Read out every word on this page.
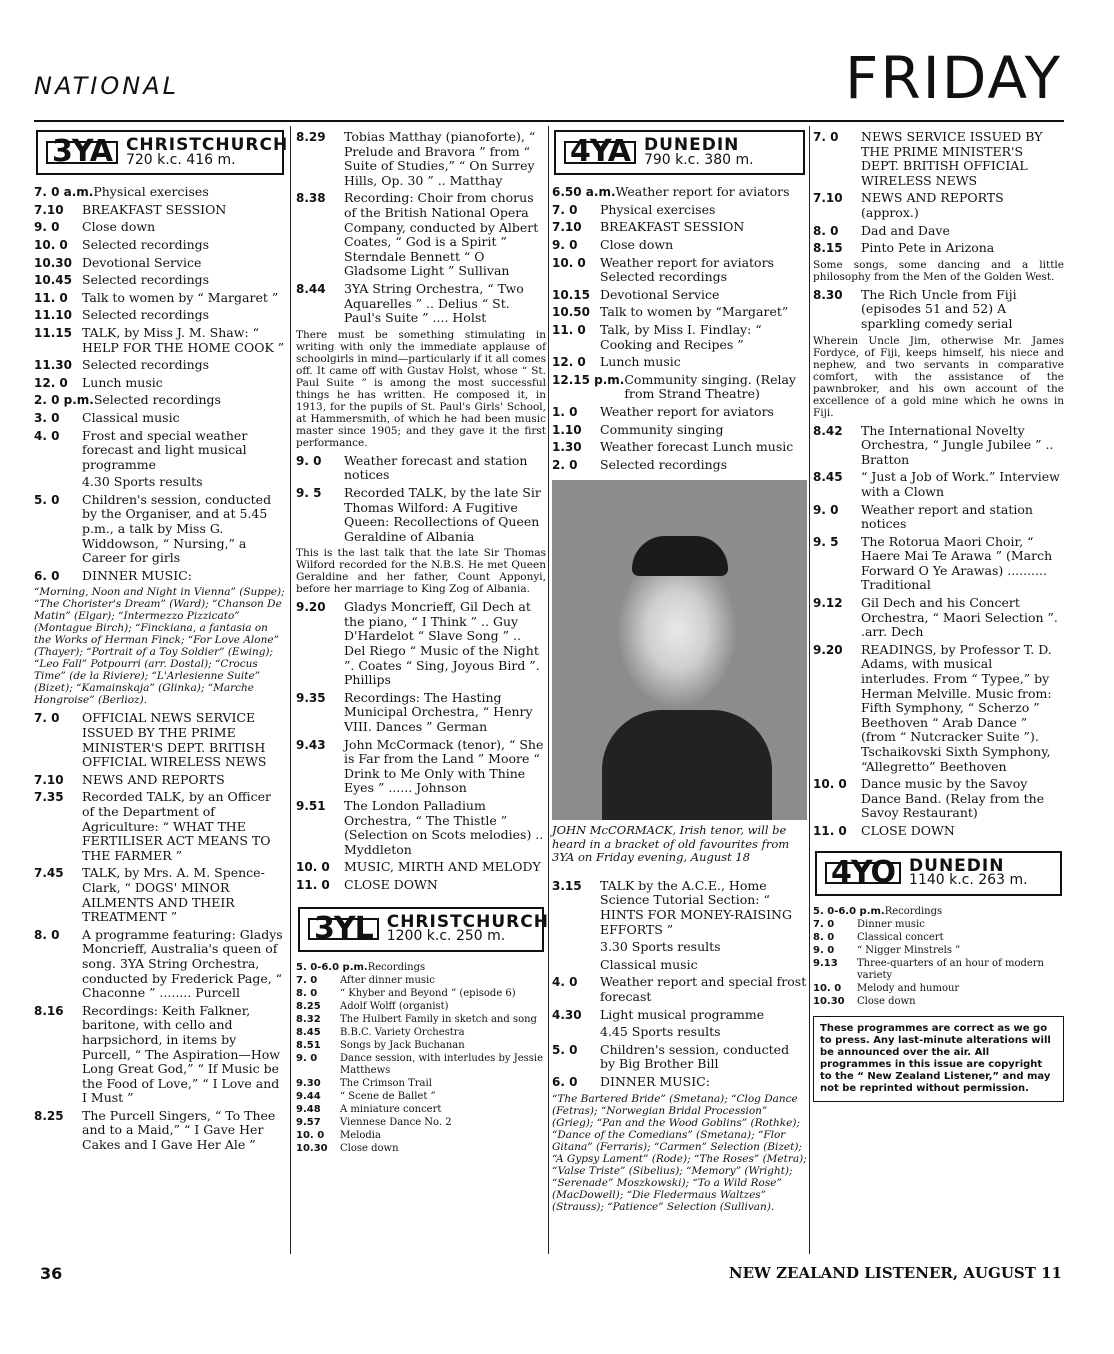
NATIONAL	FRIDAY
3YA CHRISTCHURCH
720 k.c. 416 m.
7. 0 a.m. Physical exercises
7.10	BREAKFAST SESSION
9. 0	Close down
10. 0	Selected recordings
10.30 Devotional Service
10.45 Selected recordings
11. 0	Talk to women by “ Margaret ”
11.10 Selected recordings
11.15 TALK, by Miss J. M. Shaw: “ HELP FOR THE HOME COOK ”
11.30 Selected recordings
12. 0	Lunch music
2. 0 p.m. Selected recordings
3. 0	Classical music
4. 0	Frost and special weather forecast and light musical programme
4.30 Sports results
5. 0	Children's session, conducted by the Organiser, and at 5.45 p.m., a talk by Miss G. Widdowson, “ Nursing,” a Career for girls
6. 0	DINNER MUSIC:
“Morning, Noon and Night in Vienna” (Suppe); “The Chorister's Dream” (Ward); “Chanson De Matin” (Elgar); “Intermezzo Pizzicato” (Montague Birch); “Finckiana, a fantasia on the Works of Herman Finck; “For Love Alone” (Thayer); “Portrait of a Toy Soldier” (Ewing); “Leo Fall” Potpourri (arr. Dostal); “Crocus Time” (de la Riviere); “L'Arlesienne Suite” (Bizet); “Kamainskaja” (Glinka); “Marche Hongroise” (Berlioz).
7. 0	OFFICIAL NEWS SERVICE ISSUED BY THE PRIME MINISTER'S DEPT. BRITISH OFFICIAL WIRELESS NEWS
7.10	NEWS AND REPORTS
7.35	Recorded TALK, by an Officer of the Department of Agriculture: “ WHAT THE FERTILISER ACT MEANS TO THE FARMER ”
7.45	TALK, by Mrs. A. M. Spence-Clark, “ DOGS' MINOR AILMENTS AND THEIR TREATMENT ”
8. 0	A programme featuring: Gladys Moncrieff, Australia's queen of song. 3YA String Orchestra, conducted by Frederick Page, “ Chaconne ” ........ Purcell
8.16	Recordings: Keith Falkner, baritone, with cello and harpsichord, in items by Purcell, “ The Aspiration—How Long Great God,” “ If Music be the Food of Love,” “ I Love and I Must ”
8.25	The Purcell Singers, “ To Thee and to a Maid,” “ I Gave Her Cakes and I Gave Her Ale ”
8.29	Tobias Matthay (pianoforte), “ Prelude and Bravora ” from “ Suite of Studies,” “ On Surrey Hills, Op. 30 ” .. Matthay
8.38	Recording: Choir from chorus of the British National Opera Company, conducted by Albert Coates, “ God is a Spirit ” Sterndale Bennett “ O Gladsome Light ” Sullivan
8.44	3YA String Orchestra, “ Two Aquarelles ” .. Delius “ St. Paul's Suite ” .... Holst
There must be something stimulating in writing with only the immediate applause of schoolgirls in mind—particularly if it all comes off. It came off with Gustav Holst, whose “ St. Paul Suite ” is among the most successful things he has written. He composed it, in 1913, for the pupils of St. Paul's Girls' School, at Hammersmith, of which he had been music master since 1905; and they gave it the first performance.
9. 0	Weather forecast and station notices
9. 5	Recorded TALK, by the late Sir Thomas Wilford: A Fugitive Queen: Recollections of Queen Geraldine of Albania
This is the last talk that the late Sir Thomas Wilford recorded for the N.B.S. He met Queen Geraldine and her father, Count Apponyi, before her marriage to King Zog of Albania.
9.20	Gladys Moncrieff, Gil Dech at the piano, “ I Think ” .. Guy D'Hardelot “ Slave Song ” .. Del Riego “ Music of the Night ”. Coates “ Sing, Joyous Bird ”. Phillips
9.35	Recordings: The Hasting Municipal Orchestra, “ Henry VIII. Dances ” German
9.43	John McCormack (tenor), “ She is Far from the Land ” Moore “ Drink to Me Only with Thine Eyes ” ...... Johnson
9.51	The London Palladium Orchestra, “ The Thistle ” (Selection on Scots melodies) .. Myddleton
10. 0	MUSIC, MIRTH AND MELODY
11. 0	CLOSE DOWN
3YL CHRISTCHURCH
1200 k.c. 250 m.
5. 0-6.0 p.m. Recordings
7. 0	After dinner music
8. 0	“ Khyber and Beyond ” (episode 6)
8.25	Adolf Wolff (organist)
8.32	The Hulbert Family in sketch and song
8.45	B.B.C. Variety Orchestra
8.51	Songs by Jack Buchanan
9. 0	Dance session, with interludes by Jessie Matthews
9.30	The Crimson Trail
9.44	“ Scene de Ballet ”
9.48	A miniature concert
9.57	Viennese Dance No. 2
10. 0	Melodia
10.30	Close down
4YA DUNEDIN
790 k.c. 380 m.
6.50 a.m. Weather report for aviators
7. 0	Physical exercises
7.10	BREAKFAST SESSION
9. 0	Close down
10. 0	Weather report for aviators Selected recordings
10.15 Devotional Service
10.50 Talk to women by “Margaret”
11. 0	Talk, by Miss I. Findlay: “ Cooking and Recipes ”
12. 0	Lunch music
12.15 p.m. Community singing. (Relay from Strand Theatre)
1. 0	Weather report for aviators
1.10	Community singing
1.30	Weather forecast Lunch music
2. 0	Selected recordings
JOHN McCORMACK, Irish tenor, will be heard in a bracket of old favourites from 3YA on Friday evening, August 18
3.15	TALK by the A.C.E., Home Science Tutorial Section: “ HINTS FOR MONEY-RAISING EFFORTS ”
3.30 Sports results
Classical music
4. 0	Weather report and special frost forecast
4.30	Light musical programme
4.45 Sports results
5. 0	Children's session, conducted by Big Brother Bill
6. 0	DINNER MUSIC:
“The Bartered Bride” (Smetana); “Clog Dance (Fetras); “Norwegian Bridal Procession” (Grieg); “Pan and the Wood Goblins” (Rothke); “Dance of the Comedians” (Smetana); “Flor Gitana” (Ferraris); “Carmen” Selection (Bizet); “A Gypsy Lament” (Rode); “The Roses” (Metra); “Valse Triste” (Sibelius); “Memory” (Wright); “Serenade” Moszkowski); “To a Wild Rose” (MacDowell); “Die Fledermaus Waltzes” (Strauss); “Patience” Selection (Sullivan).
7. 0	NEWS SERVICE ISSUED BY THE PRIME MINISTER'S DEPT. BRITISH OFFICIAL WIRELESS NEWS
7.10	NEWS AND REPORTS (approx.)
8. 0	Dad and Dave
8.15	Pinto Pete in Arizona
Some songs, some dancing and a little philosophy from the Men of the Golden West.
8.30	The Rich Uncle from Fiji (episodes 51 and 52) A sparkling comedy serial
Wherein Uncle Jim, otherwise Mr. James Fordyce, of Fiji, keeps himself, his niece and nephew, and two servants in comparative comfort, with the assistance of the pawnbroker, and his own account of the excellence of a gold mine which he owns in Fiji.
8.42	The International Novelty Orchestra, “ Jungle Jubilee ” .. Bratton
8.45	“ Just a Job of Work.” Interview with a Clown
9. 0	Weather report and station notices
9. 5	The Rotorua Maori Choir, “ Haere Mai Te Arawa ” (March Forward O Ye Arawas) .......... Traditional
9.12	Gil Dech and his Concert Orchestra, “ Maori Selection ”. .arr. Dech
9.20	READINGS, by Professor T. D. Adams, with musical interludes. From “ Typee,” by Herman Melville. Music from: Fifth Symphony, “ Scherzo ” Beethoven “ Arab Dance ” (from “ Nutcracker Suite ”). Tschaikovski Sixth Symphony, “Allegretto” Beethoven
10. 0	Dance music by the Savoy Dance Band. (Relay from the Savoy Restaurant)
11. 0	CLOSE DOWN
4YO DUNEDIN
1140 k.c. 263 m.
5. 0-6.0 p.m. Recordings
7. 0	Dinner music
8. 0	Classical concert
9. 0	“ Nigger Minstrels ”
9.13	Three-quarters of an hour of modern variety
10. 0	Melody and humour
10.30	Close down
These programmes are correct as we go to press. Any last-minute alterations will be announced over the air. All programmes in this issue are copyright to the “ New Zealand Listener,” and may not be reprinted without permission.
36	NEW ZEALAND LISTENER, AUGUST 11
